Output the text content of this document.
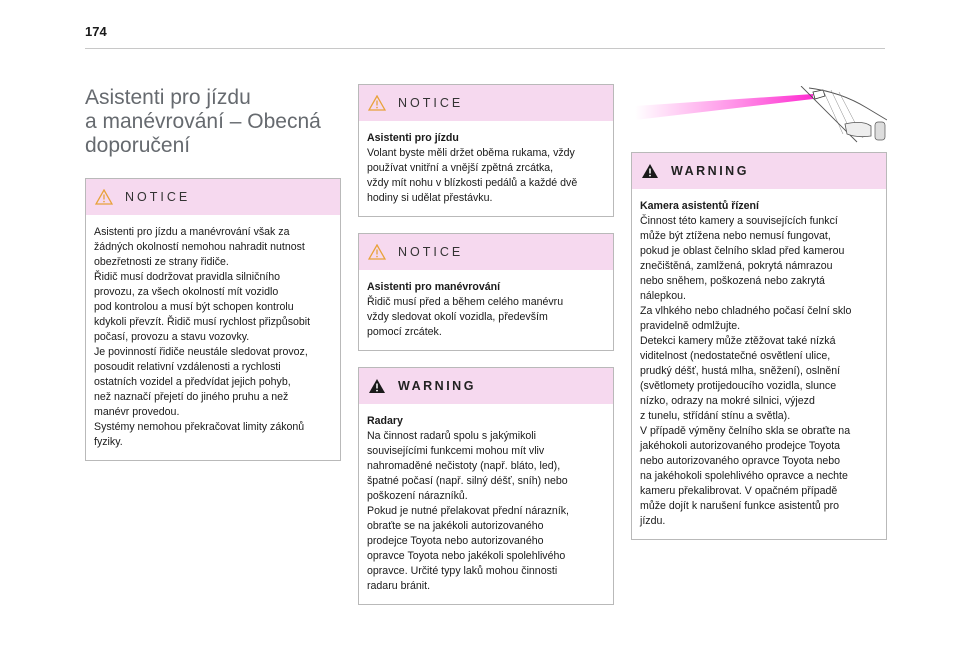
174
Asistenti pro jízdu
a manévrování – Obecná
doporučení
NOTICE

Asistenti pro jízdu a manévrování však za
žádných okolností nemohou nahradit nutnost
obezřetnosti ze strany řidiče.
Řidič musí dodržovat pravidla silničního
provozu, za všech okolností mít vozidlo
pod kontrolou a musí být schopen kontrolu
kdykoli převzít. Řidič musí rychlost přizpůsobit
počasí, provozu a stavu vozovky.
Je povinností řidiče neustále sledovat provoz,
posoudit relativní vzdálenosti a rychlosti
ostatních vozidel a předvídat jejich pohyb,
než naznačí přejetí do jiného pruhu a než
manévr provedou.
Systémy nemohou překračovat limity zákonů
fyziky.

NOTICE
Asistenti pro jízdu

Volant byste měli držet oběma rukama, vždy
používat vnitřní a vnější zpětná zrcátka,
vždy mít nohu v blízkosti pedálů a každé dvě
hodiny si udělat přestávku.

NOTICE
Asistenti pro manévrování

Řidič musí před a během celého manévru
vždy sledovat okolí vozidla, především
pomocí zrcátek.

WARNING
Radary

Na činnost radarů spolu s jakýmikoli
souvisejícími funkcemi mohou mít vliv
nahromaděné nečistoty (např. bláto, led),
špatné počasí (např. silný déšť, sníh) nebo
poškození nárazníků.
Pokud je nutné přelakovat přední nárazník,
obraťte se na jakékoli autorizovaného
prodejce Toyota nebo autorizovaného
opravce Toyota nebo jakékoli spolehlivého
opravce. Určité typy laků mohou činnosti
radaru bránit.

WARNING
Kamera asistentů řízení

Činnost této kamery a souvisejících funkcí
může být ztížena nebo nemusí fungovat,
pokud je oblast čelního sklad před kamerou
znečištěná, zamlžená, pokrytá námrazou
nebo sněhem, poškozená nebo zakrytá
nálepkou.
Za vlhkého nebo chladného počasí čelní sklo
pravidelně odmlžujte.
Detekci kamery může ztěžovat také nízká
viditelnost (nedostatečné osvětlení ulice,
prudký déšť, hustá mlha, sněžení), oslnění
(světlomety protijedoucího vozidla, slunce
nízko, odrazy na mokré silnici, výjezd
z tunelu, střídání stínu a světla).
V případě výměny čelního skla se obraťte na
jakéhokoli autorizovaného prodejce Toyota
nebo autorizovaného opravce Toyota nebo
na jakéhokoli spolehlivého opravce a nechte
kameru překalibrovat. V opačném případě
může dojít k narušení funkce asistentů pro
jízdu.
